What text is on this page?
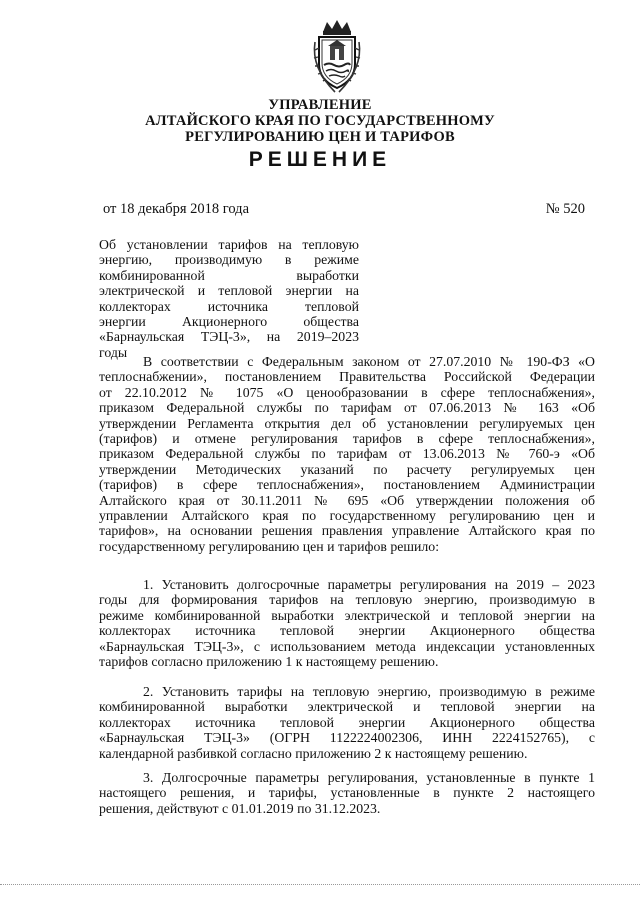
УПРАВЛЕНИЕ
АЛТАЙСКОГО КРАЯ ПО ГОСУДАРСТВЕННОМУ
РЕГУЛИРОВАНИЮ ЦЕН И ТАРИФОВ
РЕШЕНИЕ
от 18 декабря 2018 года	№ 520
Об установлении тарифов на тепловую
энергию, производимую в режиме
комбинированной выработки
электрической и тепловой энергии на
коллекторах источника тепловой
энергии Акционерного общества
«Барнаульская ТЭЦ-3», на 2019–2023
годы
В соответствии с Федеральным законом от 27.07.2010 № 190-ФЗ «О
теплоснабжении», постановлением Правительства Российской Федерации
от 22.10.2012 № 1075 «О ценообразовании в сфере теплоснабжения»,
приказом Федеральной службы по тарифам от 07.06.2013 № 163 «Об
утверждении Регламента открытия дел об установлении регулируемых цен
(тарифов) и отмене регулирования тарифов в сфере теплоснабжения»,
приказом Федеральной службы по тарифам от 13.06.2013 № 760-э «Об
утверждении Методических указаний по расчету регулируемых цен
(тарифов) в сфере теплоснабжения», постановлением Администрации
Алтайского края от 30.11.2011 № 695 «Об утверждении положения об
управлении Алтайского края по государственному регулированию цен и
тарифов», на основании решения правления управление Алтайского края по
государственному регулированию цен и тарифов решило:
1. Установить долгосрочные параметры регулирования на 2019 – 2023
годы для формирования тарифов на тепловую энергию, производимую в
режиме комбинированной выработки электрической и тепловой энергии на
коллекторах источника тепловой энергии Акционерного общества
«Барнаульская ТЭЦ-3», с использованием метода индексации установленных
тарифов согласно приложению 1 к настоящему решению.
2. Установить тарифы на тепловую энергию, производимую в режиме
комбинированной выработки электрической и тепловой энергии на
коллекторах источника тепловой энергии Акционерного общества
«Барнаульская ТЭЦ-3» (ОГРН 1122224002306, ИНН 2224152765), с
календарной разбивкой согласно приложению 2 к настоящему решению.
3. Долгосрочные параметры регулирования, установленные в пункте 1
настоящего решения, и тарифы, установленные в пункте 2 настоящего
решения, действуют с 01.01.2019 по 31.12.2023.
